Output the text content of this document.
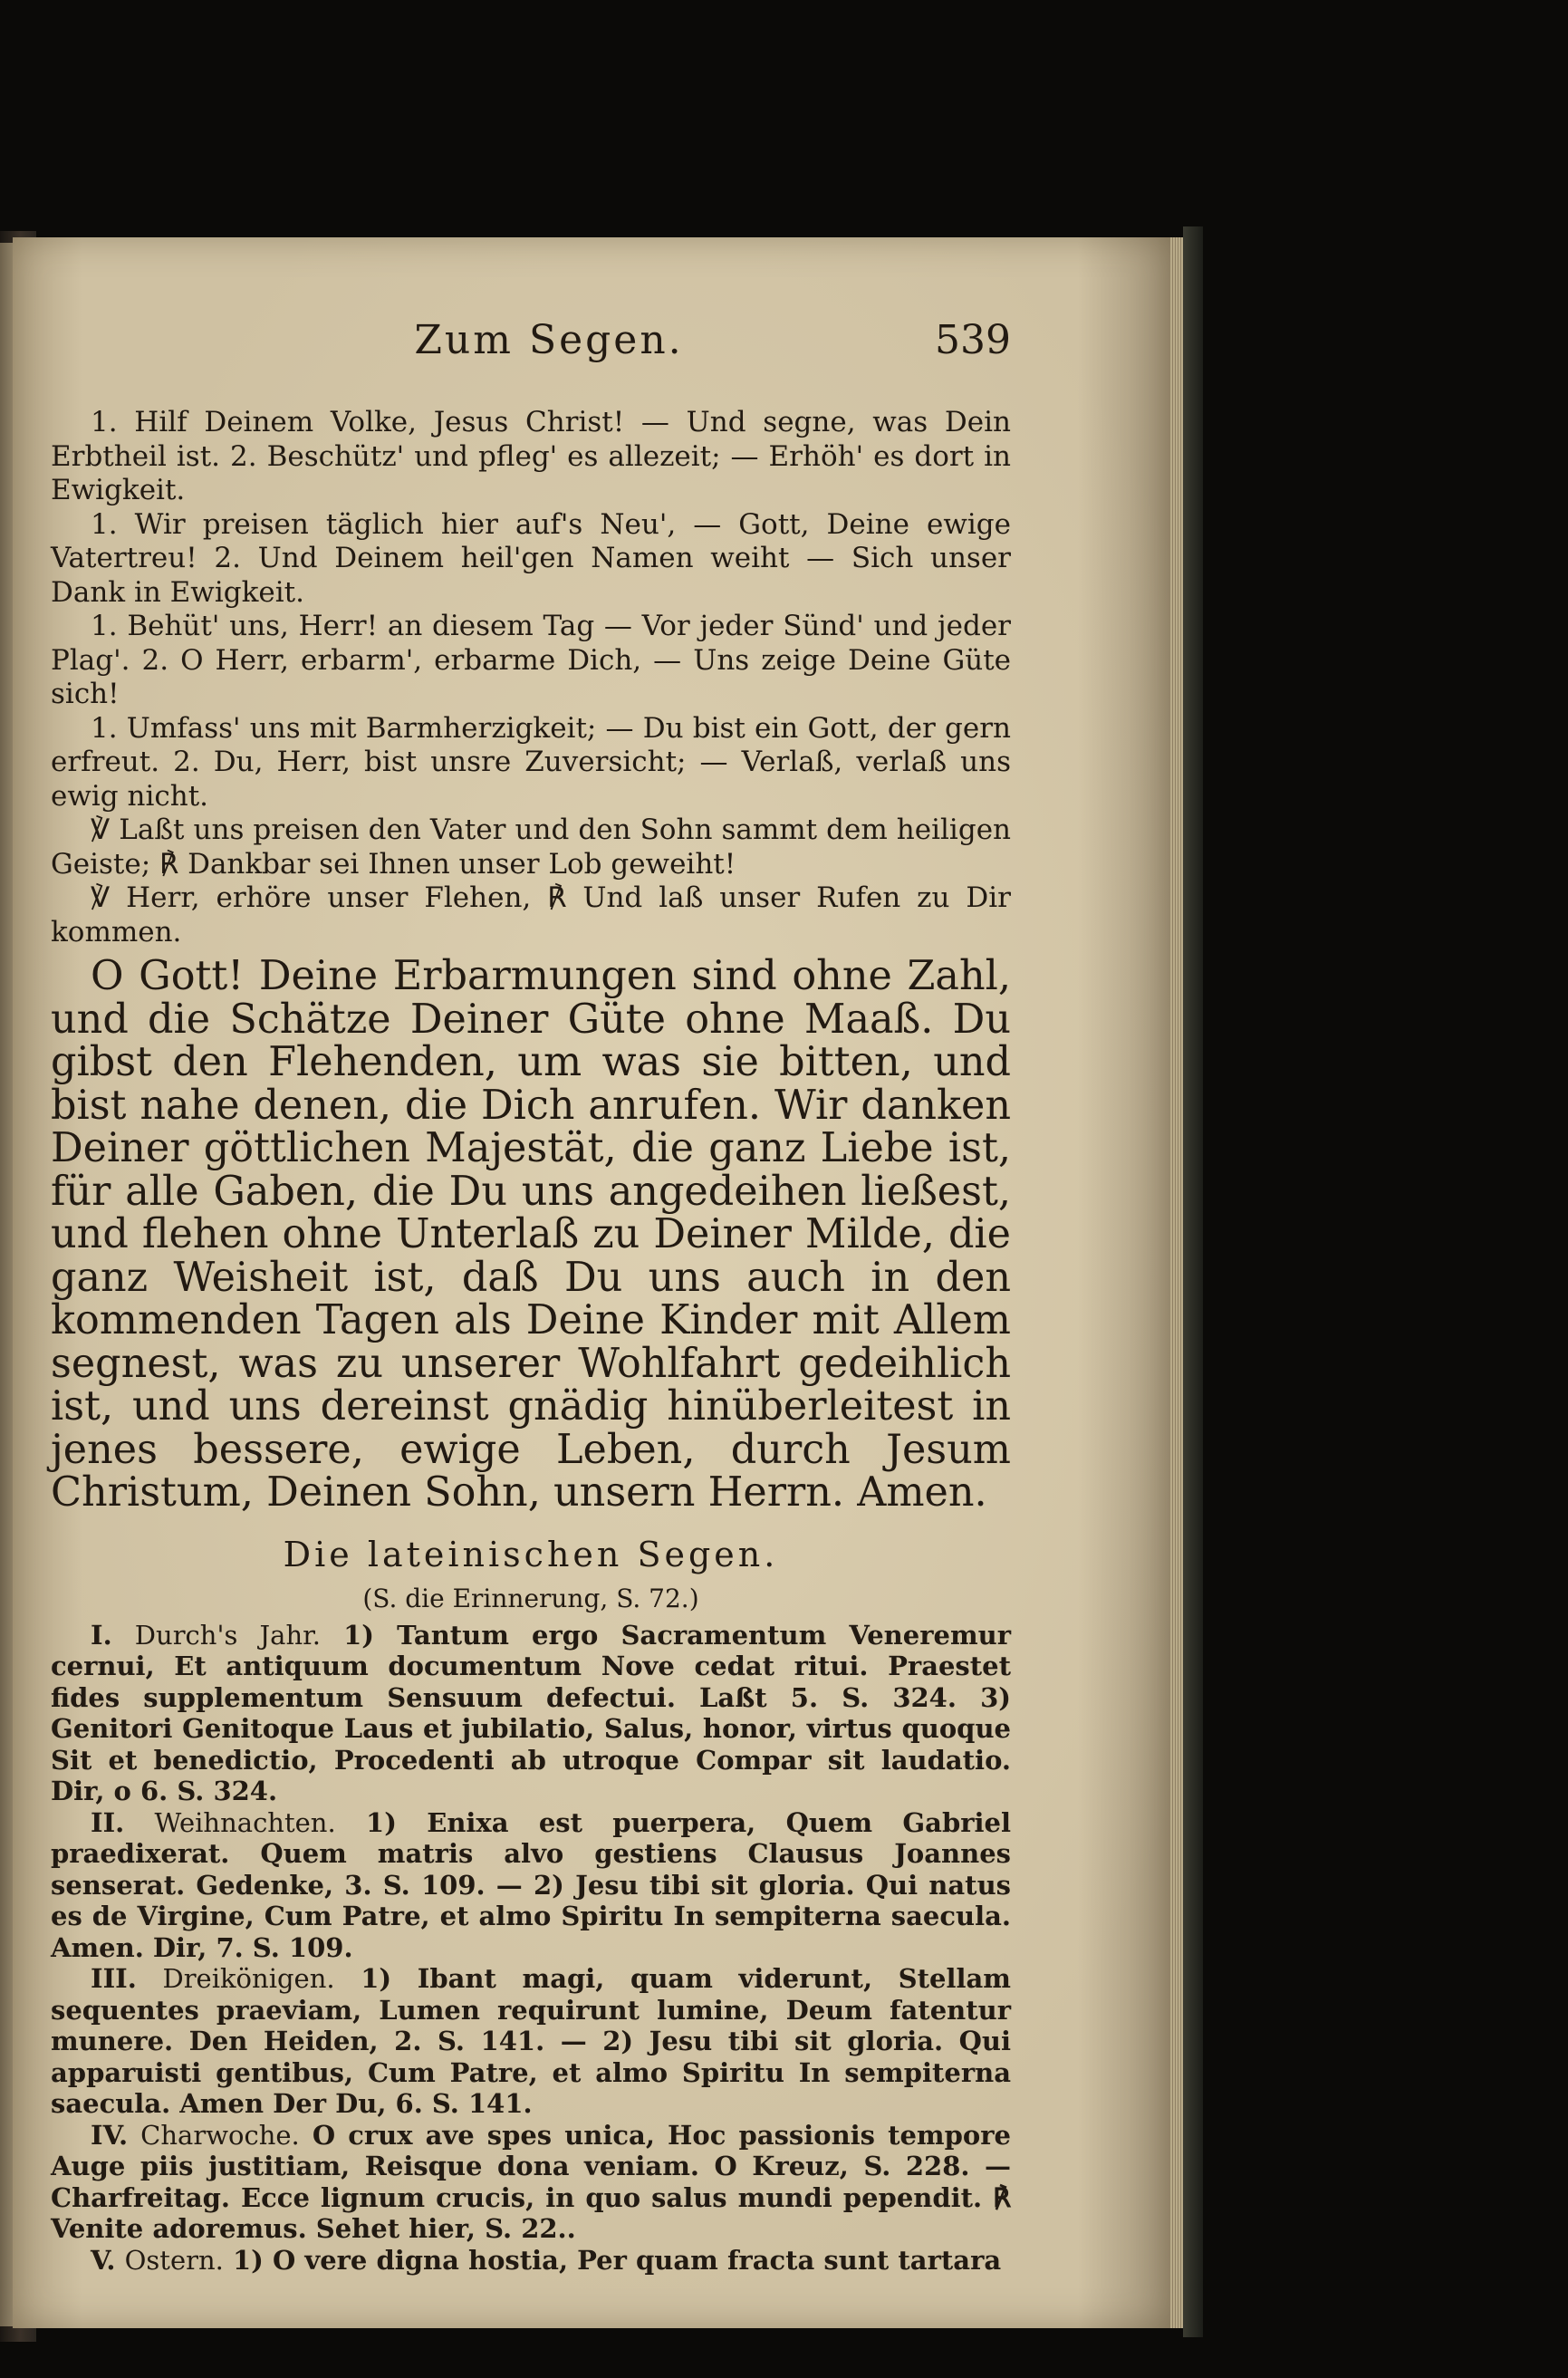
Zum Segen.	539

1. Hilf Deinem Volke, Jesus Christ! — Und segne, was Dein Erbtheil ist. 2. Beschütz' und pfleg' es allezeit; — Erhöh' es dort in Ewigkeit.

1. Wir preisen täglich hier auf's Neu', — Gott, Deine ewige Vatertreu! 2. Und Deinem heil'gen Namen weiht — Sich unser Dank in Ewigkeit.

1. Behüt' uns, Herr! an diesem Tag — Vor jeder Sünd' und jeder Plag'. 2. O Herr, erbarm', erbarme Dich, — Uns zeige Deine Güte sich!

1. Umfass' uns mit Barmherzigkeit; — Du bist ein Gott, der gern erfreut. 2. Du, Herr, bist unsre Zuversicht; — Verlaß, verlaß uns ewig nicht.

℣ Laßt uns preisen den Vater und den Sohn sammt dem heiligen Geiste; ℟ Dankbar sei Ihnen unser Lob geweiht!

℣ Herr, erhöre unser Flehen, ℟ Und laß unser Rufen zu Dir kommen.

O Gott! Deine Erbarmungen sind ohne Zahl, und die Schätze Deiner Güte ohne Maaß. Du gibst den Flehenden, um was sie bitten, und bist nahe denen, die Dich anrufen. Wir danken Deiner göttlichen Majestät, die ganz Liebe ist, für alle Gaben, die Du uns angedeihen ließest, und flehen ohne Unterlaß zu Deiner Milde, die ganz Weisheit ist, daß Du uns auch in den kommenden Tagen als Deine Kinder mit Allem segnest, was zu unserer Wohlfahrt gedeihlich ist, und uns dereinst gnädig hinüberleitest in jenes bessere, ewige Leben, durch Jesum Christum, Deinen Sohn, unsern Herrn. Amen.

Die lateinischen Segen.

(S. die Erinnerung, S. 72.)

I. Durch's Jahr. 1) Tantum ergo Sacramentum Veneremur cernui, Et antiquum documentum Nove cedat ritui. Praestet fides supplementum Sensuum defectui. Laßt 5. S. 324. 3) Genitori Genitoque Laus et jubilatio, Salus, honor, virtus quoque Sit et benedictio, Procedenti ab utroque Compar sit laudatio. Dir, o 6. S. 324.

II. Weihnachten. 1) Enixa est puerpera, Quem Gabriel praedixerat. Quem matris alvo gestiens Clausus Joannes senserat. Gedenke, 3. S. 109. — 2) Jesu tibi sit gloria. Qui natus es de Virgine, Cum Patre, et almo Spiritu In sempiterna saecula. Amen. Dir, 7. S. 109.

III. Dreikönigen. 1) Ibant magi, quam viderunt, Stellam sequentes praeviam, Lumen requirunt lumine, Deum fatentur munere. Den Heiden, 2. S. 141. — 2) Jesu tibi sit gloria. Qui apparuisti gentibus, Cum Patre, et almo Spiritu In sempiterna saecula. Amen Der Du, 6. S. 141.

IV. Charwoche. O crux ave spes unica, Hoc passionis tempore Auge piis justitiam, Reisque dona veniam. O Kreuz, S. 228. — Charfreitag. Ecce lignum crucis, in quo salus mundi pependit. ℟ Venite adoremus. Sehet hier, S. 22..

V. Ostern. 1) O vere digna hostia, Per quam fracta sunt tartara
